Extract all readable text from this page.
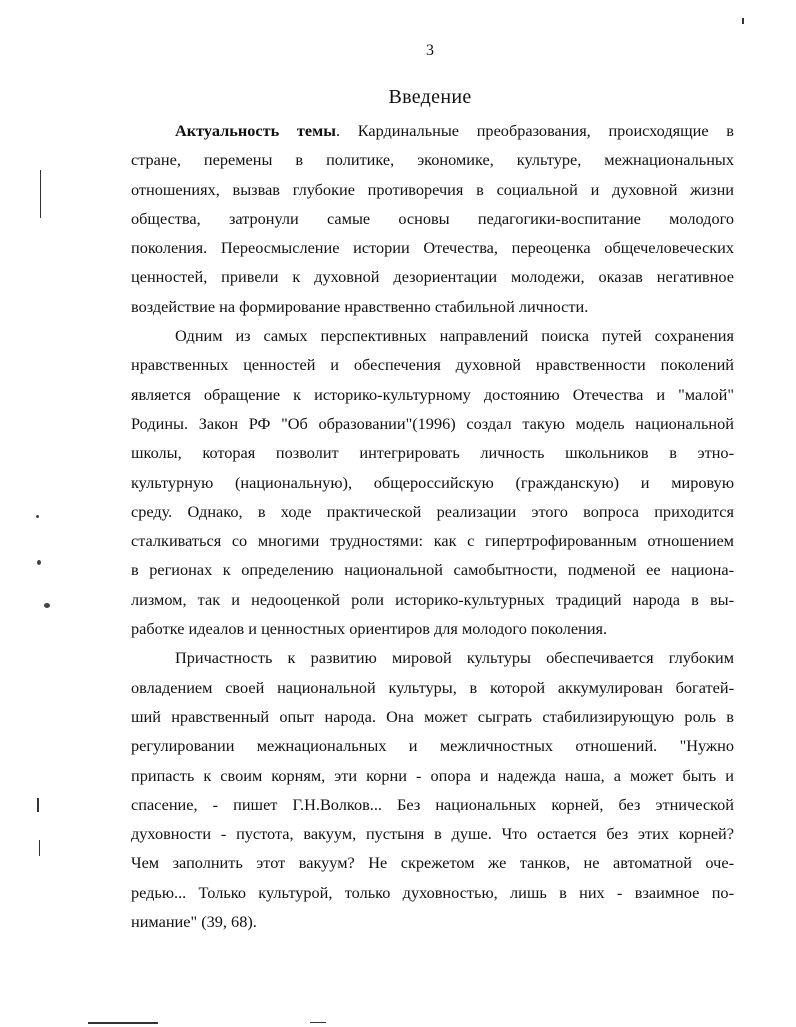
3
Введение
Актуальность темы. Кардинальные преобразования, происходящие в
стране, перемены в политике, экономике, культуре, межнациональных
отношениях, вызвав глубокие противоречия в социальной и духовной жизни
общества, затронули самые основы педагогики-воспитание молодого
поколения. Переосмысление истории Отечества, переоценка общечеловеческих
ценностей, привели к духовной дезориентации молодежи, оказав негативное
воздействие на формирование нравственно стабильной личности.
Одним из самых перспективных направлений поиска путей сохранения
нравственных ценностей и обеспечения духовной нравственности поколений
является обращение к историко-культурному достоянию Отечества и "малой"
Родины. Закон РФ "Об образовании"(1996) создал такую модель национальной
школы, которая позволит интегрировать личность школьников в этно-
культурную (национальную), общероссийскую (гражданскую) и мировую
среду. Однако, в ходе практической реализации этого вопроса приходится
сталкиваться со многими трудностями: как с гипертрофированным отношением
в регионах к определению национальной самобытности, подменой ее национа-
лизмом, так и недооценкой роли историко-культурных традиций народа в вы-
работке идеалов и ценностных ориентиров для молодого поколения.
Причастность к развитию мировой культуры обеспечивается глубоким
овладением своей национальной культуры, в которой аккумулирован богатей-
ший нравственный опыт народа. Она может сыграть стабилизирующую роль в
регулировании межнациональных и межличностных отношений. "Нужно
припасть к своим корням, эти корни - опора и надежда наша, а может быть и
спасение, - пишет Г.Н.Волков... Без национальных корней, без этнической
духовности - пустота, вакуум, пустыня в душе. Что остается без этих корней?
Чем заполнить этот вакуум? Не скрежетом же танков, не автоматной оче-
редью... Только культурой, только духовностью, лишь в них - взаимное по-
нимание" (39, 68).
